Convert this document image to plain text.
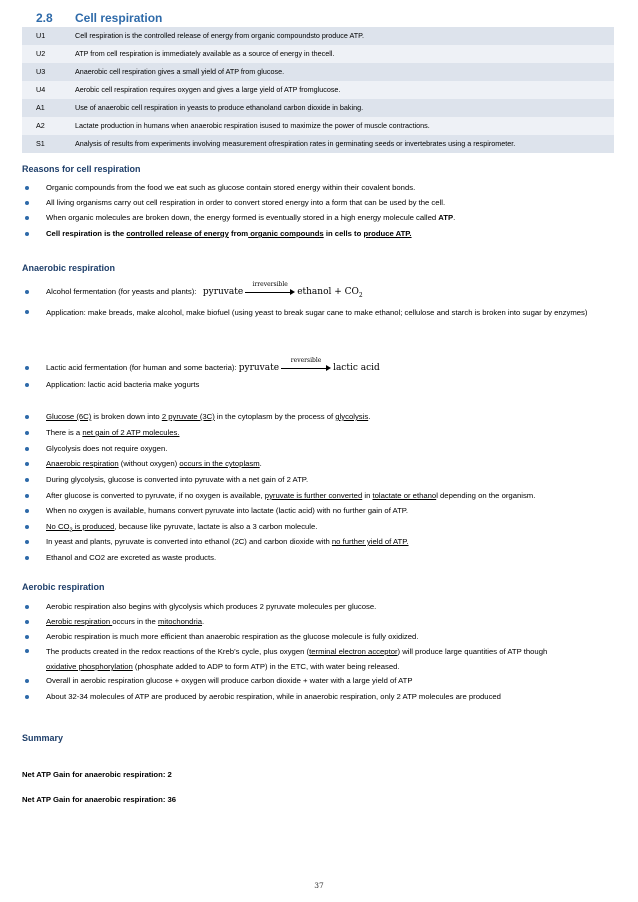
2.8 Cell respiration
U1	Cell respiration is the controlled release of energy from organic compoundsto produce ATP.
U2	ATP from cell respiration is immediately available as a source of energy in thecell.
U3	Anaerobic cell respiration gives a small yield of ATP from glucose.
U4	Aerobic cell respiration requires oxygen and gives a large yield of ATP fromglucose.
A1	Use of anaerobic cell respiration in yeasts to produce ethanoland carbon dioxide in baking.
A2	Lactate production in humans when anaerobic respiration isused to maximize the power of muscle contractions.
S1	Analysis of results from experiments involving measurement ofrespiration rates in germinating seeds or invertebrates using a respirometer.
Reasons for cell respiration
Organic compounds from the food we eat such as glucose contain stored energy within their covalent bonds.
All living organisms carry out cell respiration in order to convert stored energy into a form that can be used by the cell.
When organic molecules are broken down, the energy formed is eventually stored in a high energy molecule called ATP.
Cell respiration is the controlled release of energy from organic compounds in cells to produce ATP.
Anaerobic respiration
Alcohol fermentation (for yeasts and plants): pyruvate
irreversible
ethanol + $CO_2$
Application: make breads, make alcohol, make biofuel (using yeast to break sugar cane to make ethanol; cellulose and starch is broken into sugar by enzymes)
Lactic acid fermentation (for human and some bacteria): pyruvate
reversible
lactic acid
Application: lactic acid bacteria make yogurts
Glucose (6C) is broken down into 2 pyruvate (3C) in the cytoplasm by the process of glycolysis.
There is a net gain of 2 ATP molecules.
Glycolysis does not require oxygen.
Anaerobic respiration (without oxygen) occurs in the cytoplasm.
During glycolysis, glucose is converted into pyruvate with a net gain of 2 ATP.
After glucose is converted to pyruvate, if no oxygen is available, pyruvate is further converted in tolactate or ethanol depending on the organism.
When no oxygen is available, humans convert pyruvate into lactate (lactic acid) with no further gain of ATP.
No $CO_2$ is produced, because like pyruvate, lactate is also a 3 carbon molecule.
In yeast and plants, pyruvate is converted into ethanol (2C) and carbon dioxide with no further yield of ATP.
Ethanol and CO2 are excreted as waste products.
Aerobic respiration
Aerobic respiration also begins with glycolysis which produces 2 pyruvate molecules per glucose.
Aerobic respiration occurs in the mitochondria.
Aerobic respiration is much more efficient than anaerobic respiration as the glucose molecule is fully oxidized.
The products created in the redox reactions of the Kreb’s cycle, plus oxygen (terminal electron acceptor) will produce large quantities of ATP though oxidative phosphorylation (phosphate added to ADP to form ATP) in the ETC, with water being released.
Overall in aerobic respiration glucose + oxygen will produce carbon dioxide + water with a large yield of ATP
About 32-34 molecules of ATP are produced by aerobic respiration, while in anaerobic respiration, only 2 ATP molecules are produced
Summary
Net ATP Gain for anaerobic respiration: 2
Net ATP Gain for anaerobic respiration: 36
37
